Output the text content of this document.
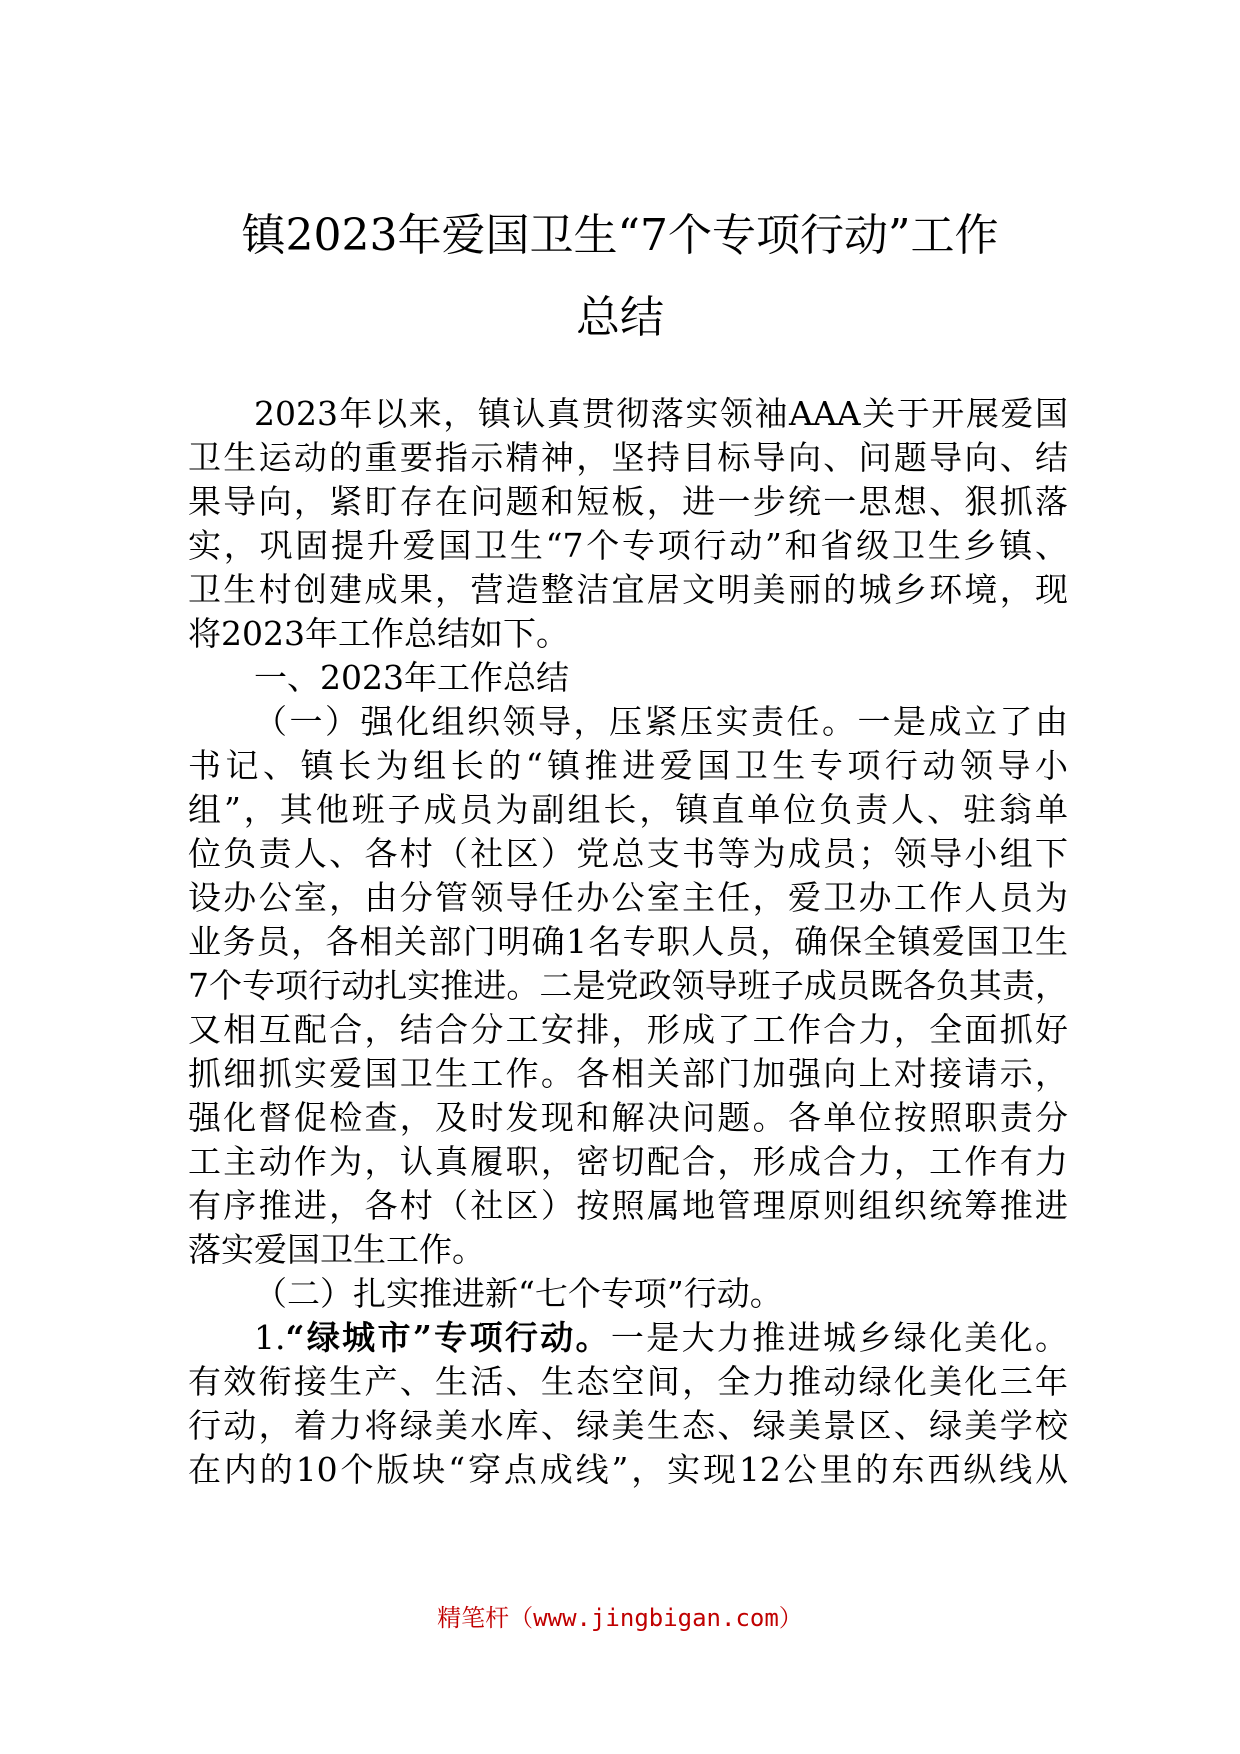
镇2023年爱国卫生“7个专项行动”工作
总结
2023年以来，镇认真贯彻落实领袖AAA关于开展爱国
卫生运动的重要指示精神，坚持目标导向、问题导向、结
果导向，紧盯存在问题和短板，进一步统一思想、狠抓落
实，巩固提升爱国卫生“7个专项行动”和省级卫生乡镇、
卫生村创建成果，营造整洁宜居文明美丽的城乡环境，现
将2023年工作总结如下。
一、2023年工作总结
（一）强化组织领导，压紧压实责任。一是成立了由
书记、镇长为组长的“镇推进爱国卫生专项行动领导小
组”，其他班子成员为副组长，镇直单位负责人、驻翁单
位负责人、各村（社区）党总支书等为成员；领导小组下
设办公室，由分管领导任办公室主任，爱卫办工作人员为
业务员，各相关部门明确1名专职人员，确保全镇爱国卫生
7个专项行动扎实推进。二是党政领导班子成员既各负其责，
又相互配合，结合分工安排，形成了工作合力，全面抓好
抓细抓实爱国卫生工作。各相关部门加强向上对接请示，
强化督促检查，及时发现和解决问题。各单位按照职责分
工主动作为，认真履职，密切配合，形成合力，工作有力
有序推进，各村（社区）按照属地管理原则组织统筹推进
落实爱国卫生工作。
（二）扎实推进新“七个专项”行动。
1.“绿城市”专项行动。一是大力推进城乡绿化美化。
有效衔接生产、生活、生态空间，全力推动绿化美化三年
行动，着力将绿美水库、绿美生态、绿美景区、绿美学校
在内的10个版块“穿点成线”，实现12公里的东西纵线从
精笔杆（www.jingbigan.com）
